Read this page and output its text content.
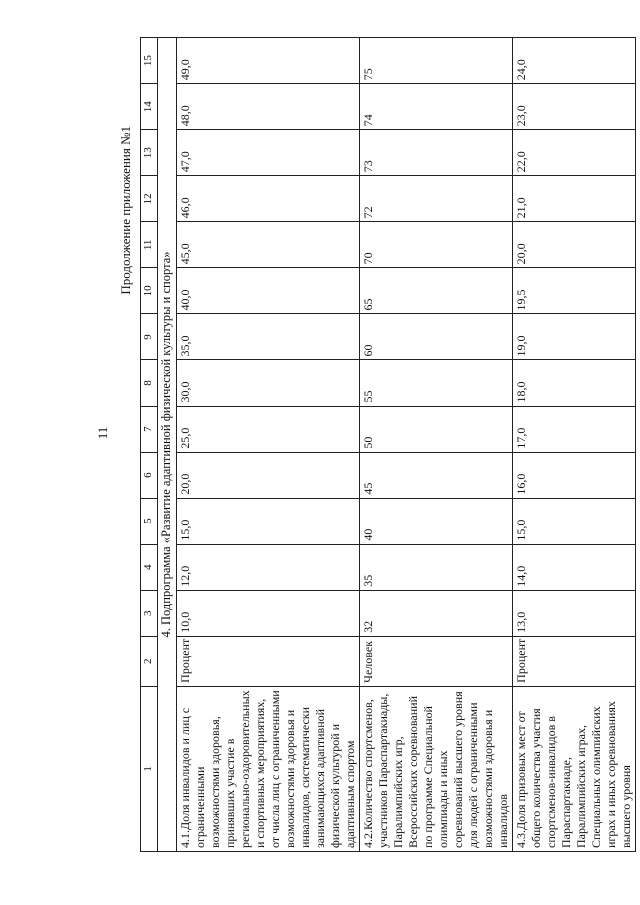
11
Продолжение приложения №1
1	2	3	4	5	6	7	8	9	10	11	12	13	14	15
4. Подпрограмма «Развитие адаптивной физической культуры и спорта»														
4.1.Доля инвалидов и лиц с ограниченными возможностями здоровья, принявших участие в регионально-оздоровительных и спортивных мероприятиях, от числа лиц с ограниченными возможностями здоровья и инвалидов, систематически занимающихся адаптивной физической культурой и адаптивным спортом	Процент	10,0	12,0	15,0	20,0	25,0	30,0	35,0	40,0	45,0	46,0	47,0	48,0	49,0
4.2.Количество спортсменов, участников Параспартакиады, Паралимпийских игр, Всероссийских соревнований по программе Специальной олимпиады и иных соревнований высшего уровня для людей с ограниченными возможностями здоровья и инвалидов	Человек	32	35	40	45	50	55	60	65	70	72	73	74	75
4.3.Доля призовых мест от общего количества участия спортсменов-инвалидов в Параспартакиаде, Паралимпийских играх, Специальных олимпийских играх и иных соревнованиях высшего уровня	Процент	13,0	14,0	15,0	16,0	17,0	18,0	19,0	19,5	20,0	21,0	22,0	23,0	24,0
